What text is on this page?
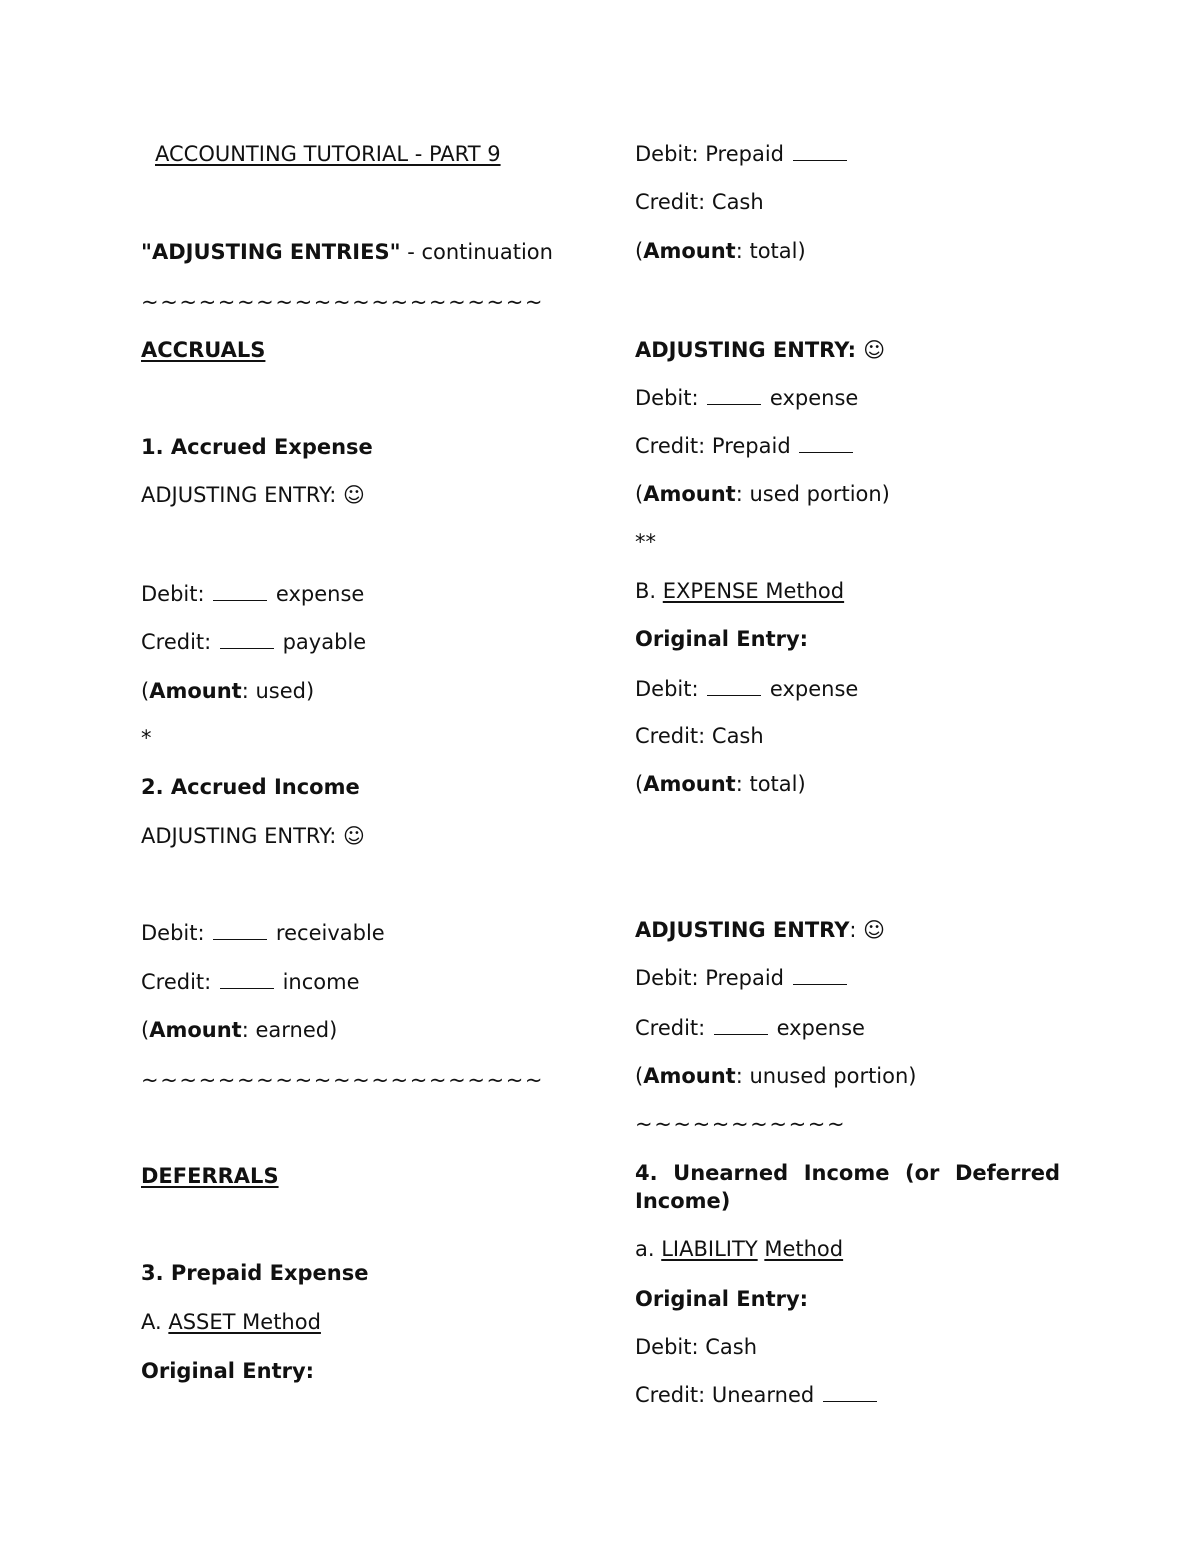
ACCOUNTING TUTORIAL - PART 9
"ADJUSTING ENTRIES" - continuation
~~~~~~~~~~~~~~~~~~~~~
ACCRUALS
1. Accrued Expense
ADJUSTING ENTRY: ☺
Debit:	expense
Credit:	payable
(Amount: used)
*
2. Accrued Income
ADJUSTING ENTRY: ☺
Debit:	receivable
Credit:	income
(Amount: earned)
~~~~~~~~~~~~~~~~~~~~~
DEFERRALS
3. Prepaid Expense
A. ASSET Method
Original Entry:
Debit: Prepaid
Credit: Cash
(Amount: total)
ADJUSTING ENTRY: ☺
Debit:	expense
Credit: Prepaid
(Amount: used portion)
**
B. EXPENSE Method
Original Entry:
Debit:	expense
Credit: Cash
(Amount: total)
ADJUSTING ENTRY: ☺
Debit: Prepaid
Credit:	expense
(Amount: unused portion)
~~~~~~~~~~~
4. Unearned Income (or Deferred Income)
a. LIABILITY Method
Original Entry:
Debit: Cash
Credit: Unearned
